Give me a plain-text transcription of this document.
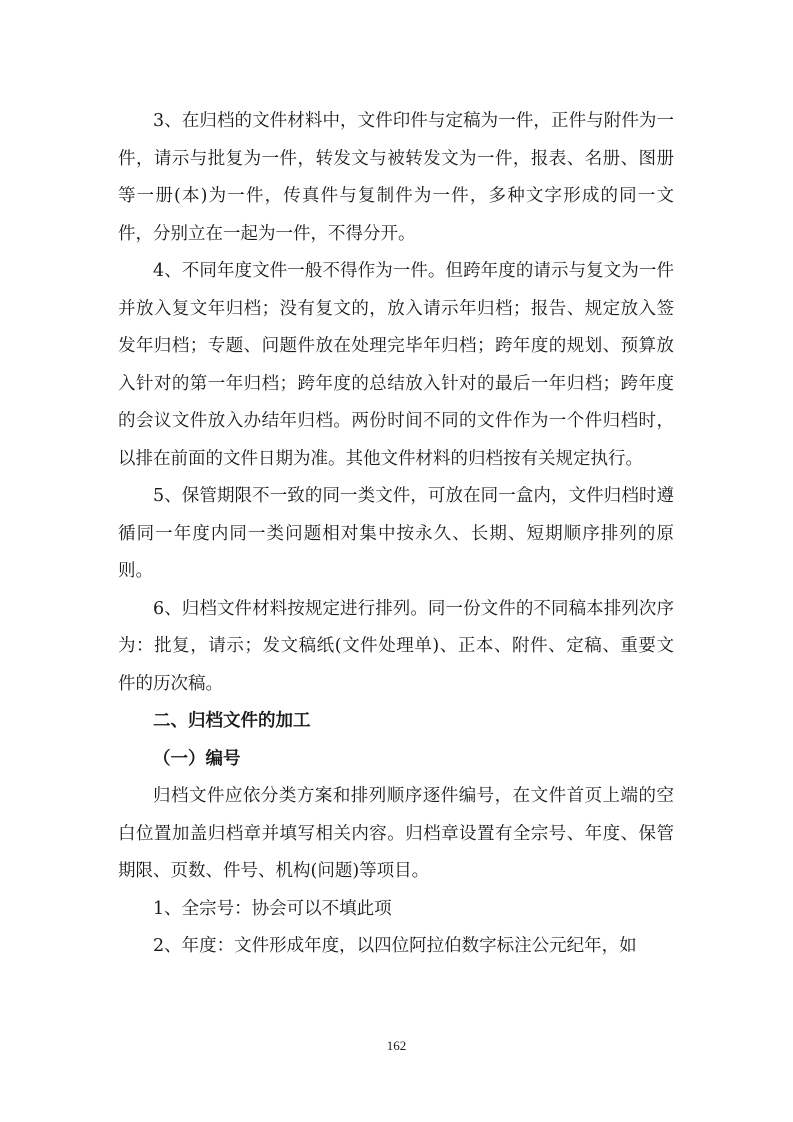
3、在归档的文件材料中，文件印件与定稿为一件，正件与附件为一件，请示与批复为一件，转发文与被转发文为一件，报表、名册、图册等一册(本)为一件，传真件与复制件为一件，多种文字形成的同一文件，分别立在一起为一件，不得分开。

4、不同年度文件一般不得作为一件。但跨年度的请示与复文为一件并放入复文年归档；没有复文的，放入请示年归档；报告、规定放入签发年归档；专题、问题件放在处理完毕年归档；跨年度的规划、预算放入针对的第一年归档；跨年度的总结放入针对的最后一年归档；跨年度的会议文件放入办结年归档。两份时间不同的文件作为一个件归档时，以排在前面的文件日期为准。其他文件材料的归档按有关规定执行。

5、保管期限不一致的同一类文件，可放在同一盒内，文件归档时遵循同一年度内同一类问题相对集中按永久、长期、短期顺序排列的原则。

6、归档文件材料按规定进行排列。同一份文件的不同稿本排列次序为：批复，请示；发文稿纸(文件处理单)、正本、附件、定稿、重要文件的历次稿。

二、归档文件的加工

（一）编号

归档文件应依分类方案和排列顺序逐件编号，在文件首页上端的空白位置加盖归档章并填写相关内容。归档章设置有全宗号、年度、保管期限、页数、件号、机构(问题)等项目。

1、全宗号：协会可以不填此项

2、年度：文件形成年度，以四位阿拉伯数字标注公元纪年，如

162
